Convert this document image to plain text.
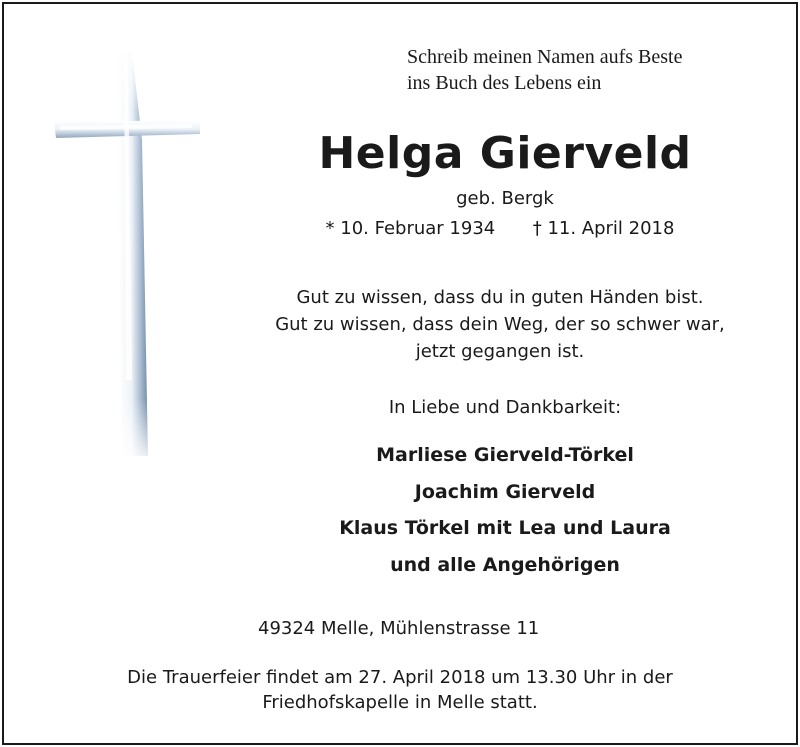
Schreib meinen Namen aufs Beste
ins Buch des Lebens ein
Helga Gierveld
geb. Bergk
* 10. Februar 1934 † 11. April 2018
Gut zu wissen, dass du in guten Händen bist.
Gut zu wissen, dass dein Weg, der so schwer war,
jetzt gegangen ist.
In Liebe und Dankbarkeit:
Marliese Gierveld-Törkel
Joachim Gierveld
Klaus Törkel mit Lea und Laura
und alle Angehörigen
49324 Melle, Mühlenstrasse 11
Die Trauerfeier findet am 27. April 2018 um 13.30 Uhr in der
Friedhofskapelle in Melle statt.
